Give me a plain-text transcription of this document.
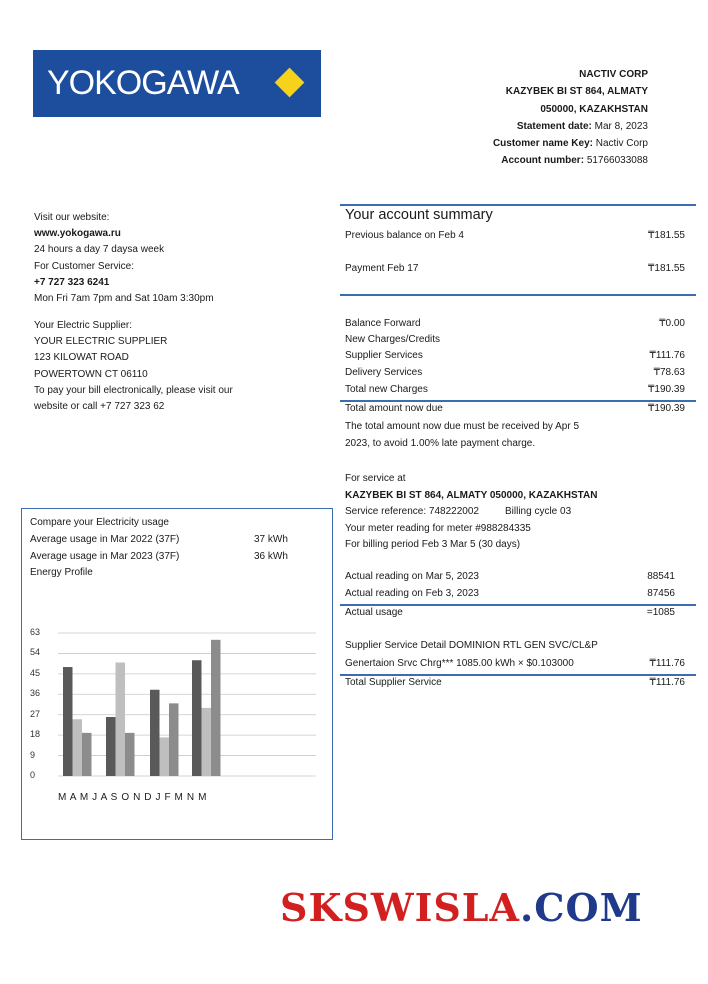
YOKOGAWA	NACTIV CORP
KAZYBEK BI ST 864, ALMATY
050000, KAZAKHSTAN
Statement date: Mar 8, 2023
Customer name Key: Nactiv Corp
Account number: 51766033088
Visit our website:
www.yokogawa.ru
24 hours a day 7 daysa week
For Customer Service:
+7 727 323 6241
Mon Fri 7am 7pm and Sat 10am 3:30pm
Your Electric Supplier:
YOUR ELECTRIC SUPPLIER
123 KILOWAT ROAD
POWERTOWN CT 06110
To pay your bill electronically, please visit our
website or call +7 727 323 62
Your account summary
Previous balance on Feb 4	₸181.55
Payment Feb 17	₸181.55
Balance Forward	₸0.00
New Charges/Credits
Supplier Services	₸111.76
Delivery Services	₸78.63
Total new Charges	₸190.39
Total amount now due	₸190.39
The total amount now due must be received by Apr 5
2023, to avoid 1.00% late payment charge.
For service at
KAZYBEK BI ST 864, ALMATY 050000, KAZAKHSTAN
Service reference: 748222002	Billing cycle 03
Your meter reading for meter #988284335
For billing period Feb 3 Mar 5 (30 days)
Actual reading on Mar 5, 2023	88541
Actual reading on Feb 3, 2023	87456
Actual usage	=1085
Supplier Service Detail DOMINION RTL GEN SVC/CL&P
Genertaion Srvc Chrg*** 1085.00 kWh × $0.103000	₸111.76
Total Supplier Service	₸111.76
Compare your Electricity usage
Average usage in Mar 2022 (37F)	37 kWh
Average usage in Mar 2023 (37F)	36 kWh
Energy Profile
63
54
45
36
27
18
9
0
M A M J A S O N D J F M N M
SKSWISLA.COM
